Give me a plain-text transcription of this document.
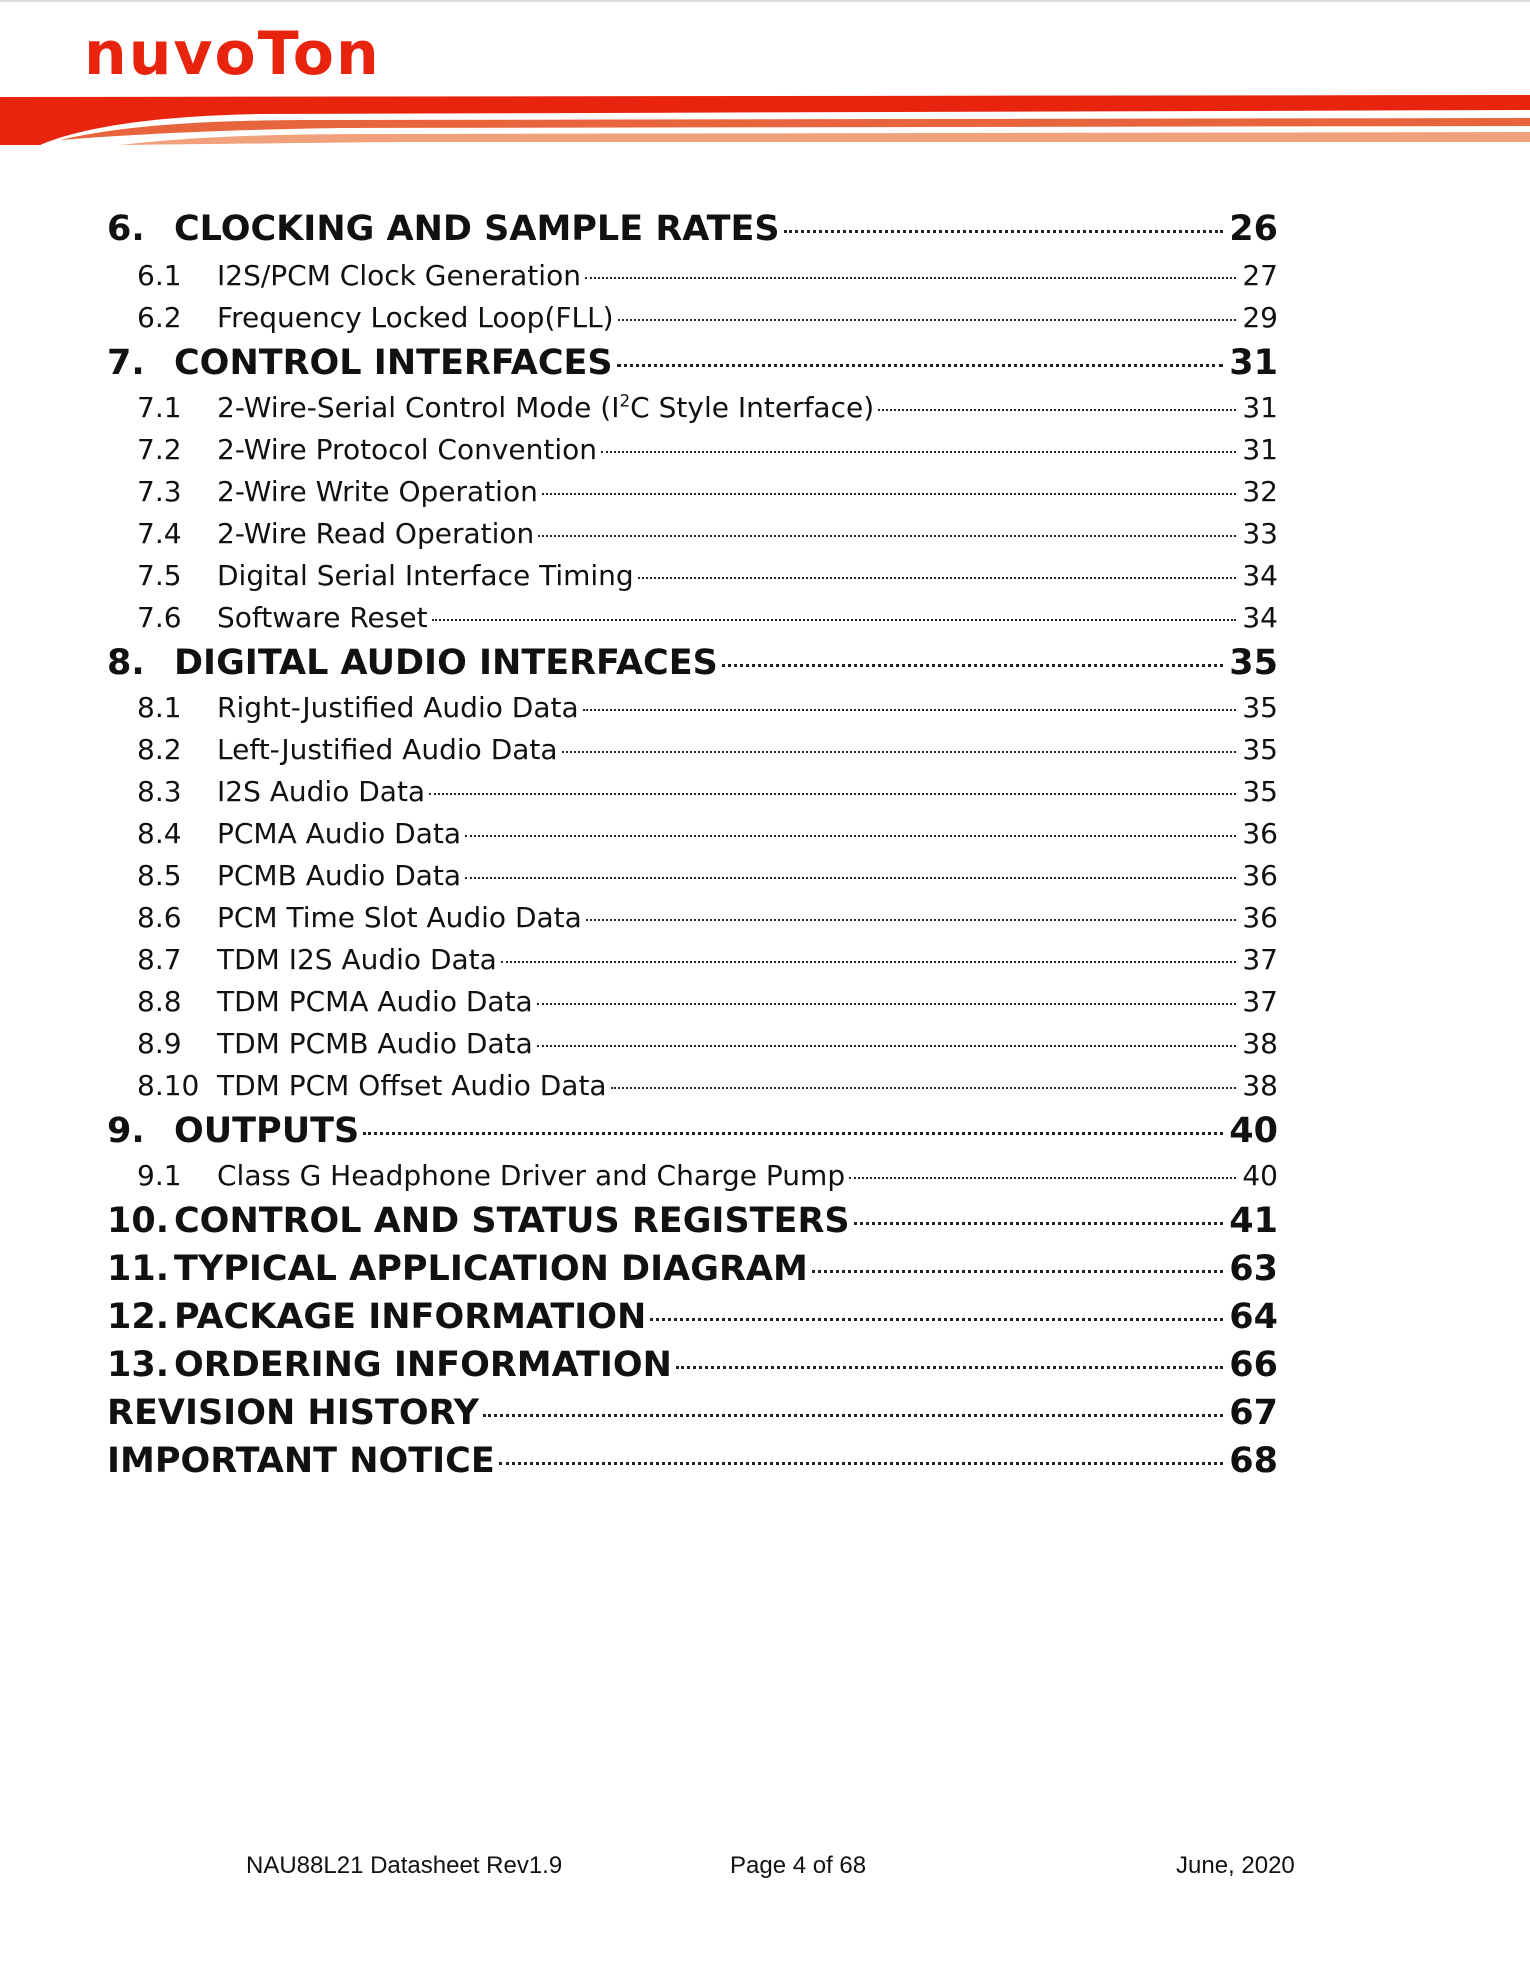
nuvoTon
6. CLOCKING AND SAMPLE RATES	26
6.1	I2S/PCM Clock Generation	27
6.2	Frequency Locked Loop(FLL)	29
7. CONTROL INTERFACES	31
7.1	2-Wire-Serial Control Mode ($I^2C$ Style Interface)	31
7.2	2-Wire Protocol Convention	31
7.3	2-Wire Write Operation	32
7.4	2-Wire Read Operation	33
7.5	Digital Serial Interface Timing	34
7.6	Software Reset	34
8. DIGITAL AUDIO INTERFACES	35
8.1	Right-Justified Audio Data	35
8.2	Left-Justified Audio Data	35
8.3	I2S Audio Data	35
8.4	PCMA Audio Data	36
8.5	PCMB Audio Data	36
8.6	PCM Time Slot Audio Data	36
8.7	TDM I2S Audio Data	37
8.8	TDM PCMA Audio Data	37
8.9	TDM PCMB Audio Data	38
8.10 TDM PCM Offset Audio Data	38
9. OUTPUTS	40
9.1	Class G Headphone Driver and Charge Pump	40
10. CONTROL AND STATUS REGISTERS	41
11. TYPICAL APPLICATION DIAGRAM	63
12. PACKAGE INFORMATION	64
13. ORDERING INFORMATION	66
REVISION HISTORY	67
IMPORTANT NOTICE	68
NAU88L21 Datasheet Rev1.9	Page 4 of 68	June, 2020
